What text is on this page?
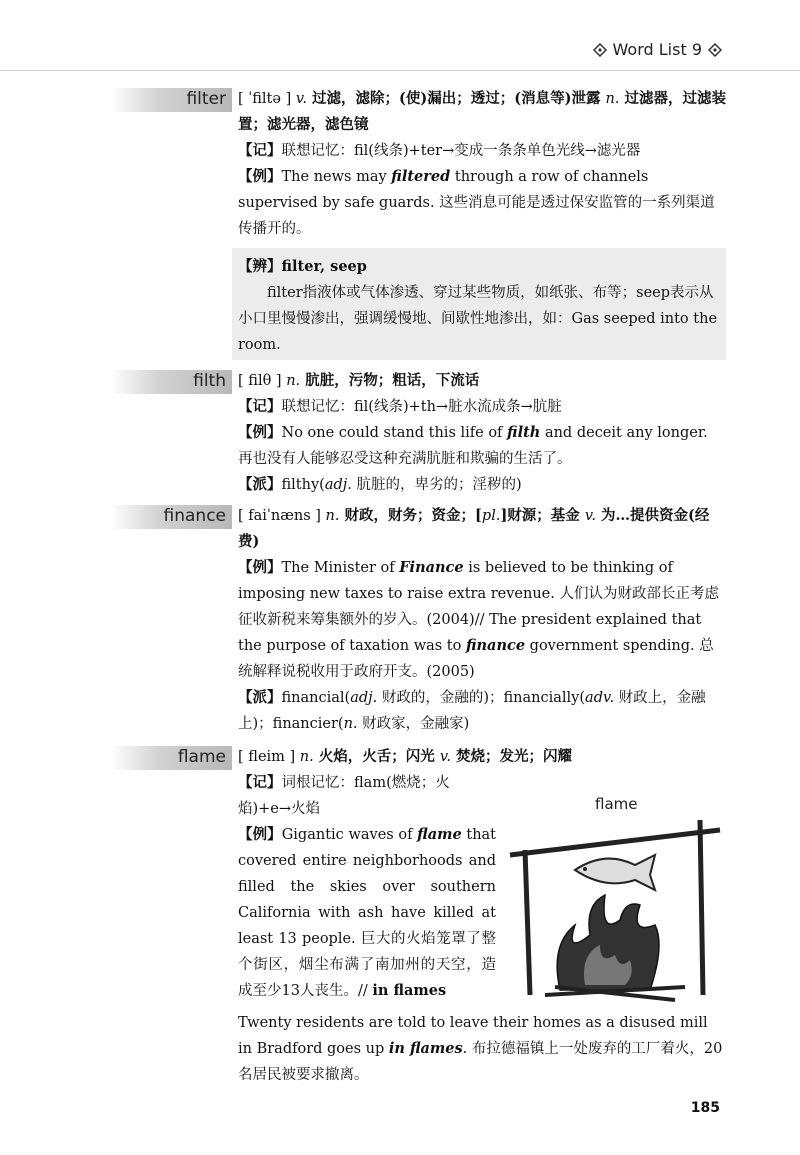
Word List 9
filter [ ˈfiltə ] v. 过滤，滤除；(使)漏出；透过；(消息等)泄露 n. 过滤器，过滤装置；滤光器，滤色镜

【记】联想记忆：fil(线条)+ter→变成一条条单色光线→滤光器

【例】The news may filtered through a row of channels supervised by safe guards. 这些消息可能是透过保安监管的一系列渠道传播开的。

【辨】filter, seep

filter指液体或气体渗透、穿过某些物质，如纸张、布等；seep表示从小口里慢慢渗出，强调缓慢地、间歇性地渗出，如：Gas seeped into the room.

filth [ filθ ] n. 肮脏，污物；粗话，下流话

【记】联想记忆：fil(线条)+th→脏水流成条→肮脏

【例】No one could stand this life of filth and deceit any longer. 再也没有人能够忍受这种充满肮脏和欺骗的生活了。

【派】filthy(adj. 肮脏的，卑劣的；淫秽的)

finance [ faiˈnæns ] n. 财政，财务；资金；[pl.]财源；基金 v. 为…提供资金(经费)

【例】The Minister of Finance is believed to be thinking of imposing new taxes to raise extra revenue. 人们认为财政部长正考虑征收新税来筹集额外的岁入。(2004)// The president explained that the purpose of taxation was to finance government spending. 总统解释说税收用于政府开支。(2005)

【派】financial(adj. 财政的，金融的)；financially(adv. 财政上，金融上)；financier(n. 财政家，金融家)

flame [ fleim ] n. 火焰，火舌；闪光 v. 焚烧；发光；闪耀

【记】词根记忆：flam(燃烧；火焰)+e→火焰

【例】Gigantic waves of flame that covered entire neighborhoods and filled the skies over southern California with ash have killed at least 13 people. 巨大的火焰笼罩了整个街区，烟尘布满了南加州的天空，造成至少13人丧生。// in flames

Twenty residents are told to leave their homes as a disused mill in Bradford goes up in flames. 布拉德福镇上一处废弃的工厂着火，20名居民被要求撤离。

flame
185
